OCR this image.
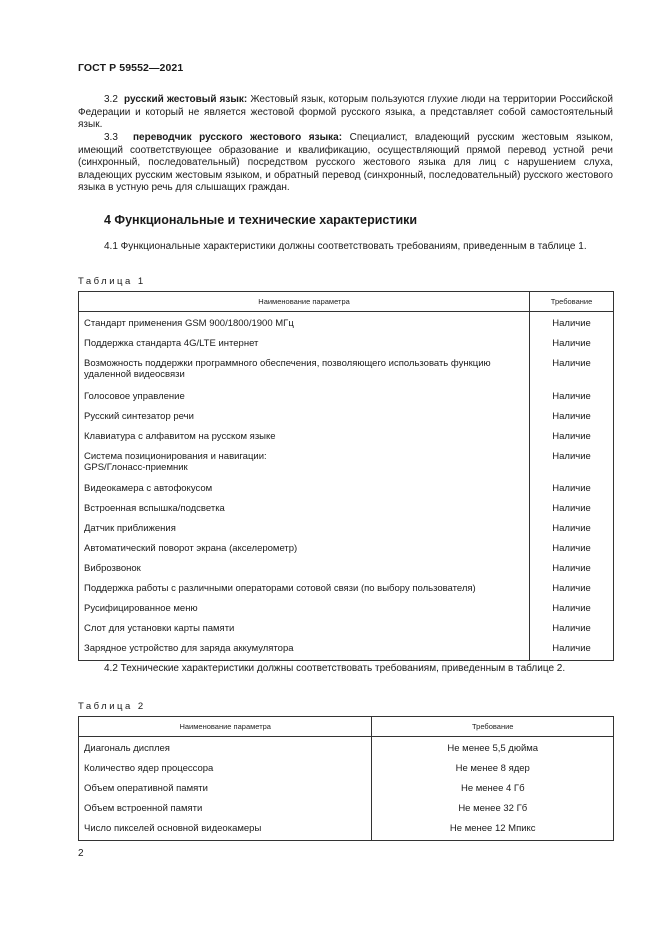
ГОСТ Р 59552—2021
3.2 русский жестовый язык: Жестовый язык, которым пользуются глухие люди на территории Российской Федерации и который не является жестовой формой русского языка, а представляет собой самостоятельный язык.
3.3 переводчик русского жестового языка: Специалист, владеющий русским жестовым языком, имеющий соответствующее образование и квалификацию, осуществляющий прямой перевод устной речи (синхронный, последовательный) посредством русского жестового языка для лиц с нарушением слуха, владеющих русским жестовым языком, и обратный перевод (синхронный, последовательный) русского жестового языка в устную речь для слышащих граждан.
4 Функциональные и технические характеристики
4.1 Функциональные характеристики должны соответствовать требованиям, приведенным в таблице 1.
Таблица 1
Наименование параметра	Требование
Стандарт применения GSM 900/1800/1900 МГц	Наличие
Поддержка стандарта 4G/LTE интернет	Наличие
Возможность поддержки программного обеспечения, позволяющего использовать функцию удаленной видеосвязи	Наличие
Голосовое управление	Наличие
Русский синтезатор речи	Наличие
Клавиатура с алфавитом на русском языке	Наличие
Система позиционирования и навигации:
GPS/Глонасс-приемник	Наличие
Видеокамера с автофокусом	Наличие
Встроенная вспышка/подсветка	Наличие
Датчик приближения	Наличие
Автоматический поворот экрана (акселерометр)	Наличие
Виброзвонок	Наличие
Поддержка работы с различными операторами сотовой связи (по выбору пользователя)	Наличие
Русифицированное меню	Наличие
Слот для установки карты памяти	Наличие
Зарядное устройство для заряда аккумулятора	Наличие
4.2 Технические характеристики должны соответствовать требованиям, приведенным в таблице 2.
Таблица 2
Наименование параметра	Требование
Диагональ дисплея	Не менее 5,5 дюйма
Количество ядер процессора	Не менее 8 ядер
Объем оперативной памяти	Не менее 4 Гб
Объем встроенной памяти	Не менее 32 Гб
Число пикселей основной видеокамеры	Не менее 12 Мпикс
2
